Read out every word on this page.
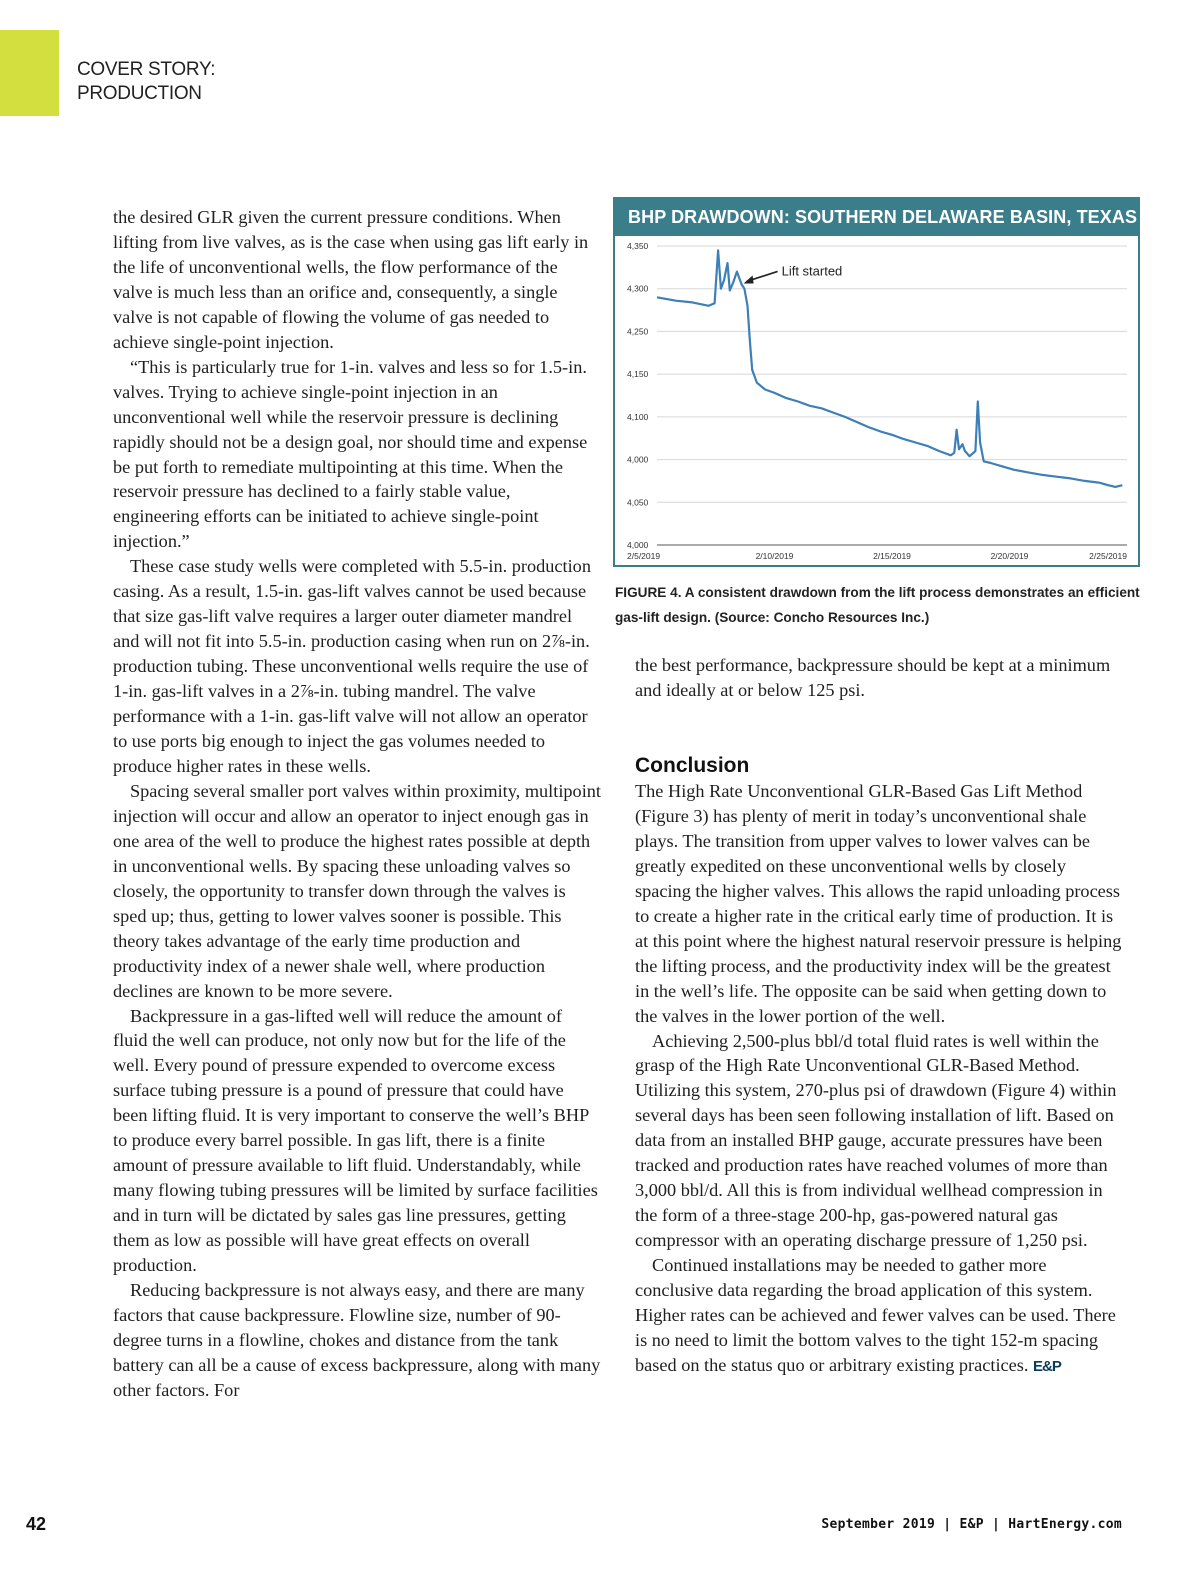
COVER STORY:
PRODUCTION

the desired GLR given the current pressure conditions. When lifting from live valves, as is the case when using gas lift early in the life of unconventional wells, the flow performance of the valve is much less than an orifice and, consequently, a single valve is not capable of flowing the volume of gas needed to achieve single-point injection.

“This is particularly true for 1-in. valves and less so for 1.5-in. valves. Trying to achieve single-point injection in an unconventional well while the reservoir pressure is declining rapidly should not be a design goal, nor should time and expense be put forth to remediate multipointing at this time. When the reservoir pressure has declined to a fairly stable value, engineering efforts can be initiated to achieve single-point injection.”

These case study wells were completed with 5.5-in. production casing. As a result, 1.5-in. gas-lift valves cannot be used because that size gas-lift valve requires a larger outer diameter mandrel and will not fit into 5.5-in. production casing when run on 2⅞-in. production tubing. These unconventional wells require the use of 1-in. gas-lift valves in a 2⅞-in. tubing mandrel. The valve performance with a 1-in. gas-lift valve will not allow an operator to use ports big enough to inject the gas volumes needed to produce higher rates in these wells.

Spacing several smaller port valves within proximity, multipoint injection will occur and allow an operator to inject enough gas in one area of the well to produce the highest rates possible at depth in unconventional wells. By spacing these unloading valves so closely, the opportunity to transfer down through the valves is sped up; thus, getting to lower valves sooner is possible. This theory takes advantage of the early time production and productivity index of a newer shale well, where production declines are known to be more severe.

Backpressure in a gas-lifted well will reduce the amount of fluid the well can produce, not only now but for the life of the well. Every pound of pressure expended to overcome excess surface tubing pressure is a pound of pressure that could have been lifting fluid. It is very important to conserve the well’s BHP to produce every barrel possible. In gas lift, there is a finite amount of pressure available to lift fluid. Understandably, while many flowing tubing pressures will be limited by surface facilities and in turn will be dictated by sales gas line pressures, getting them as low as possible will have great effects on overall production.

Reducing backpressure is not always easy, and there are many factors that cause backpressure. Flowline size, number of 90-degree turns in a flowline, chokes and distance from the tank battery can all be a cause of excess backpressure, along with many other factors. For

BHP DRAWDOWN: SOUTHERN DELAWARE BASIN, TEXAS
4,350
4,300
4,250
4,150
4,100
4,000
4,050
4,000
2/5/2019	2/10/2019	2/15/2019	2/20/2019	2/25/2019
Lift started
FIGURE 4. A consistent drawdown from the lift process demonstrates an efficient gas-lift design. (Source: Concho Resources Inc.)

the best performance, backpressure should be kept at a minimum and ideally at or below 125 psi.

Conclusion

The High Rate Unconventional GLR-Based Gas Lift Method (Figure 3) has plenty of merit in today’s unconventional shale plays. The transition from upper valves to lower valves can be greatly expedited on these unconventional wells by closely spacing the higher valves. This allows the rapid unloading process to create a higher rate in the critical early time of production. It is at this point where the highest natural reservoir pressure is helping the lifting process, and the productivity index will be the greatest in the well’s life. The opposite can be said when getting down to the valves in the lower portion of the well.

Achieving 2,500-plus bbl/d total fluid rates is well within the grasp of the High Rate Unconventional GLR-Based Method. Utilizing this system, 270-plus psi of drawdown (Figure 4) within several days has been seen following installation of lift. Based on data from an installed BHP gauge, accurate pressures have been tracked and production rates have reached volumes of more than 3,000 bbl/d. All this is from individual wellhead compression in the form of a three-stage 200-hp, gas-powered natural gas compressor with an operating discharge pressure of 1,250 psi.

Continued installations may be needed to gather more conclusive data regarding the broad application of this system. Higher rates can be achieved and fewer valves can be used. There is no need to limit the bottom valves to the tight 152-m spacing based on the status quo or arbitrary existing practices. E&P

42	September 2019 | E&P | HartEnergy.com
